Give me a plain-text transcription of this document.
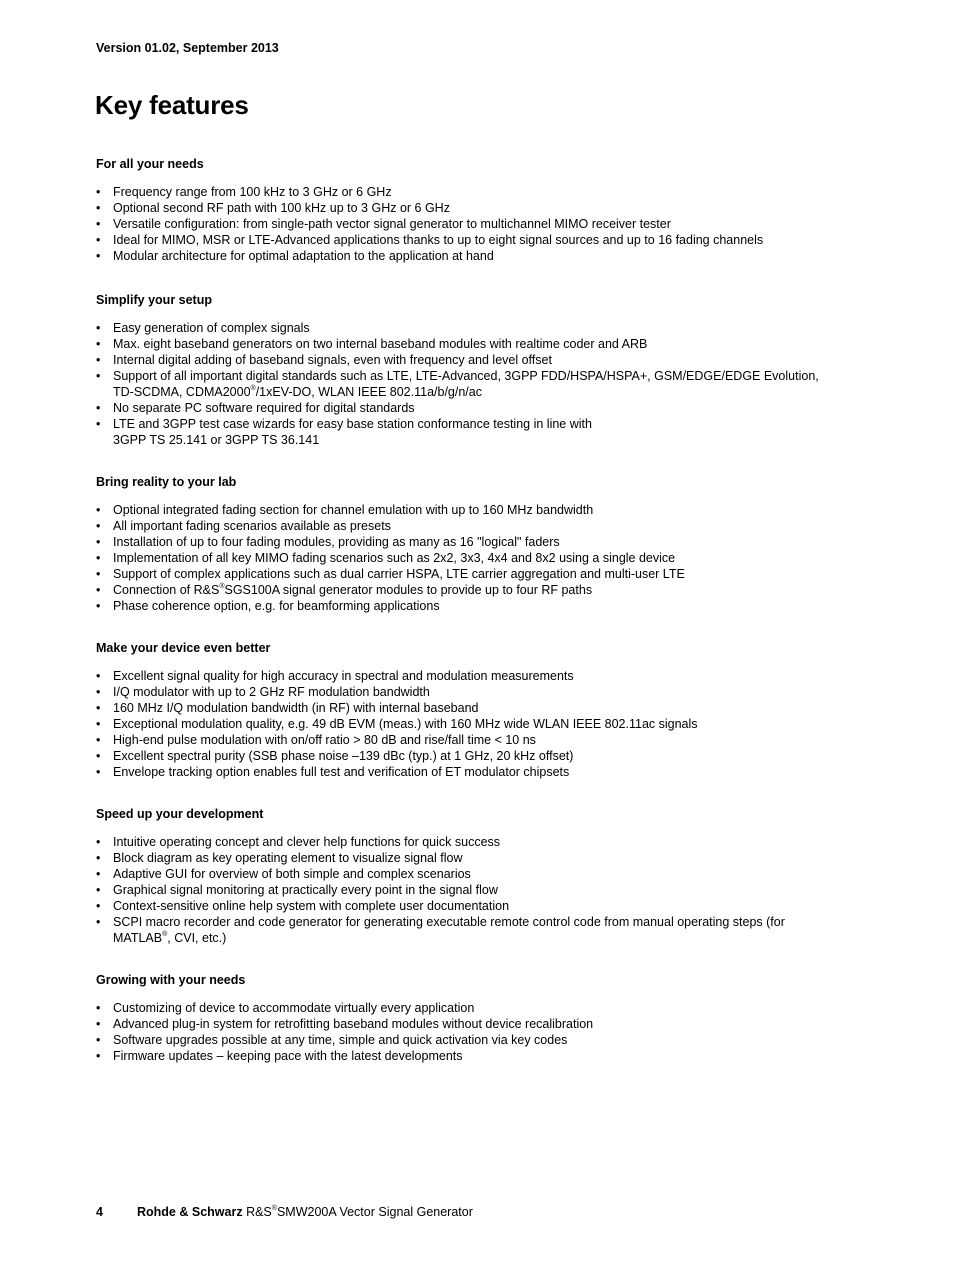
Version 01.02, September 2013
Key features
For all your needs
• Frequency range from 100 kHz to 3 GHz or 6 GHz
• Optional second RF path with 100 kHz up to 3 GHz or 6 GHz
• Versatile configuration: from single-path vector signal generator to multichannel MIMO receiver tester
• Ideal for MIMO, MSR or LTE-Advanced applications thanks to up to eight signal sources and up to 16 fading channels
• Modular architecture for optimal adaptation to the application at hand
Simplify your setup
• Easy generation of complex signals
• Max. eight baseband generators on two internal baseband modules with realtime coder and ARB
• Internal digital adding of baseband signals, even with frequency and level offset
• Support of all important digital standards such as LTE, LTE-Advanced, 3GPP FDD/HSPA/HSPA+, GSM/EDGE/EDGE Evolution,
TD-SCDMA, CDMA2000®/1xEV-DO, WLAN IEEE 802.11a/b/g/n/ac
• No separate PC software required for digital standards
• LTE and 3GPP test case wizards for easy base station conformance testing in line with
3GPP TS 25.141 or 3GPP TS 36.141
Bring reality to your lab
• Optional integrated fading section for channel emulation with up to 160 MHz bandwidth
• All important fading scenarios available as presets
• Installation of up to four fading modules, providing as many as 16 "logical" faders
• Implementation of all key MIMO fading scenarios such as 2x2, 3x3, 4x4 and 8x2 using a single device
• Support of complex applications such as dual carrier HSPA, LTE carrier aggregation and multi-user LTE
• Connection of R&S®SGS100A signal generator modules to provide up to four RF paths
• Phase coherence option, e.g. for beamforming applications
Make your device even better
• Excellent signal quality for high accuracy in spectral and modulation measurements
• I/Q modulator with up to 2 GHz RF modulation bandwidth
• 160 MHz I/Q modulation bandwidth (in RF) with internal baseband
• Exceptional modulation quality, e.g. 49 dB EVM (meas.) with 160 MHz wide WLAN IEEE 802.11ac signals
• High-end pulse modulation with on/off ratio > 80 dB and rise/fall time < 10 ns
• Excellent spectral purity (SSB phase noise –139 dBc (typ.) at 1 GHz, 20 kHz offset)
• Envelope tracking option enables full test and verification of ET modulator chipsets
Speed up your development
• Intuitive operating concept and clever help functions for quick success
• Block diagram as key operating element to visualize signal flow
• Adaptive GUI for overview of both simple and complex scenarios
• Graphical signal monitoring at practically every point in the signal flow
• Context-sensitive online help system with complete user documentation
• SCPI macro recorder and code generator for generating executable remote control code from manual operating steps (for
MATLAB®, CVI, etc.)
Growing with your needs
• Customizing of device to accommodate virtually every application
• Advanced plug-in system for retrofitting baseband modules without device recalibration
• Software upgrades possible at any time, simple and quick activation via key codes
• Firmware updates – keeping pace with the latest developments
4	Rohde & Schwarz R&S®SMW200A Vector Signal Generator
